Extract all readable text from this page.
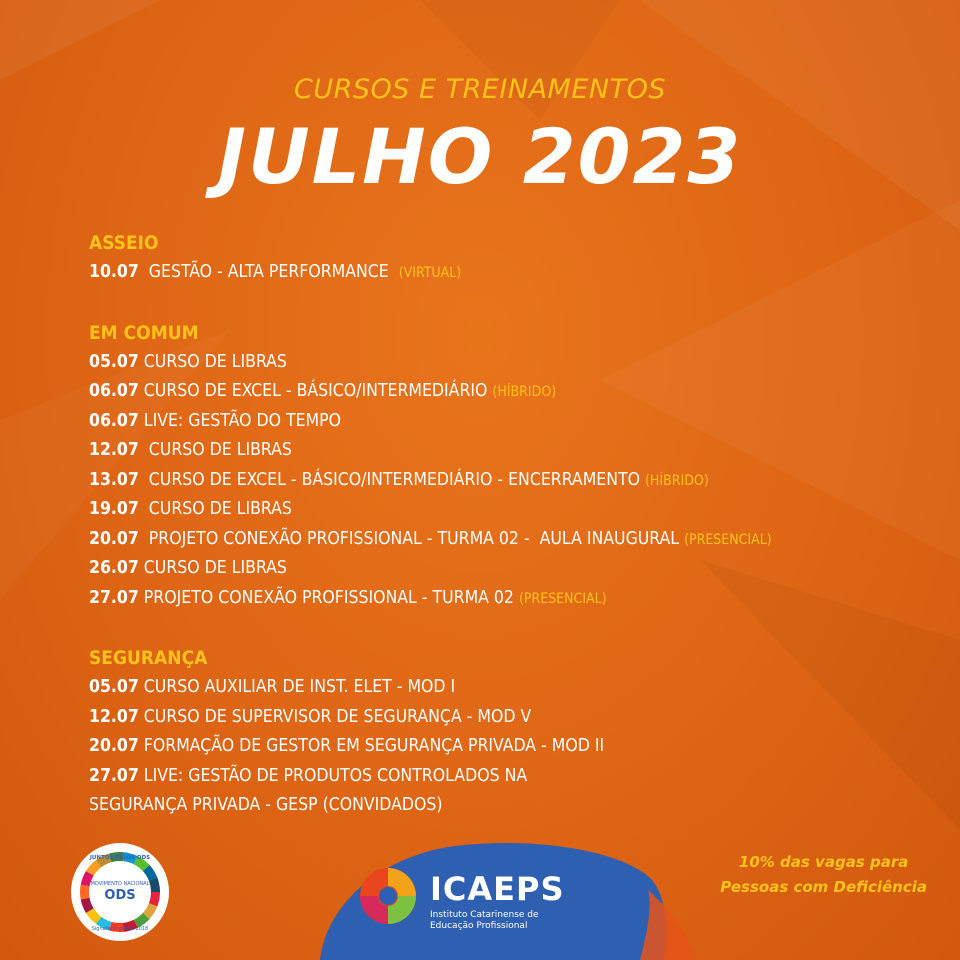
CURSOS E TREINAMENTOS
JULHO 2023
ASSEIO
10.07  GESTÃO - ALTA PERFORMANCE  (VIRTUAL)
EM COMUM
05.07 CURSO DE LIBRAS
06.07 CURSO DE EXCEL - BÁSICO/INTERMEDIÁRIO (HÍBRIDO)
06.07 LIVE: GESTÃO DO TEMPO
12.07  CURSO DE LIBRAS
13.07  CURSO DE EXCEL - BÁSICO/INTERMEDIÁRIO - ENCERRAMENTO (HÍBRIDO)
19.07  CURSO DE LIBRAS
20.07  PROJETO CONEXÃO PROFISSIONAL - TURMA 02 -  AULA INAUGURAL (PRESENCIAL)
26.07 CURSO DE LIBRAS
27.07 PROJETO CONEXÃO PROFISSIONAL - TURMA 02 (PRESENCIAL)
SEGURANÇA
05.07 CURSO AUXILIAR DE INST. ELET - MOD I
12.07 CURSO DE SUPERVISOR DE SEGURANÇA - MOD V
20.07 FORMAÇÃO DE GESTOR EM SEGURANÇA PRIVADA - MOD II
27.07 LIVE: GESTÃO DE PRODUTOS CONTROLADOS NA
SEGURANÇA PRIVADA - GESP (CONVIDADOS)
ICAEPS
Instituto Catarinense de
Educação Profissional
MOVIMENTO NACIONAL
ODS
JUNTOS PELOS ODS
Signatário desde 2018
10% das vagas para
Pessoas com Deficiência
